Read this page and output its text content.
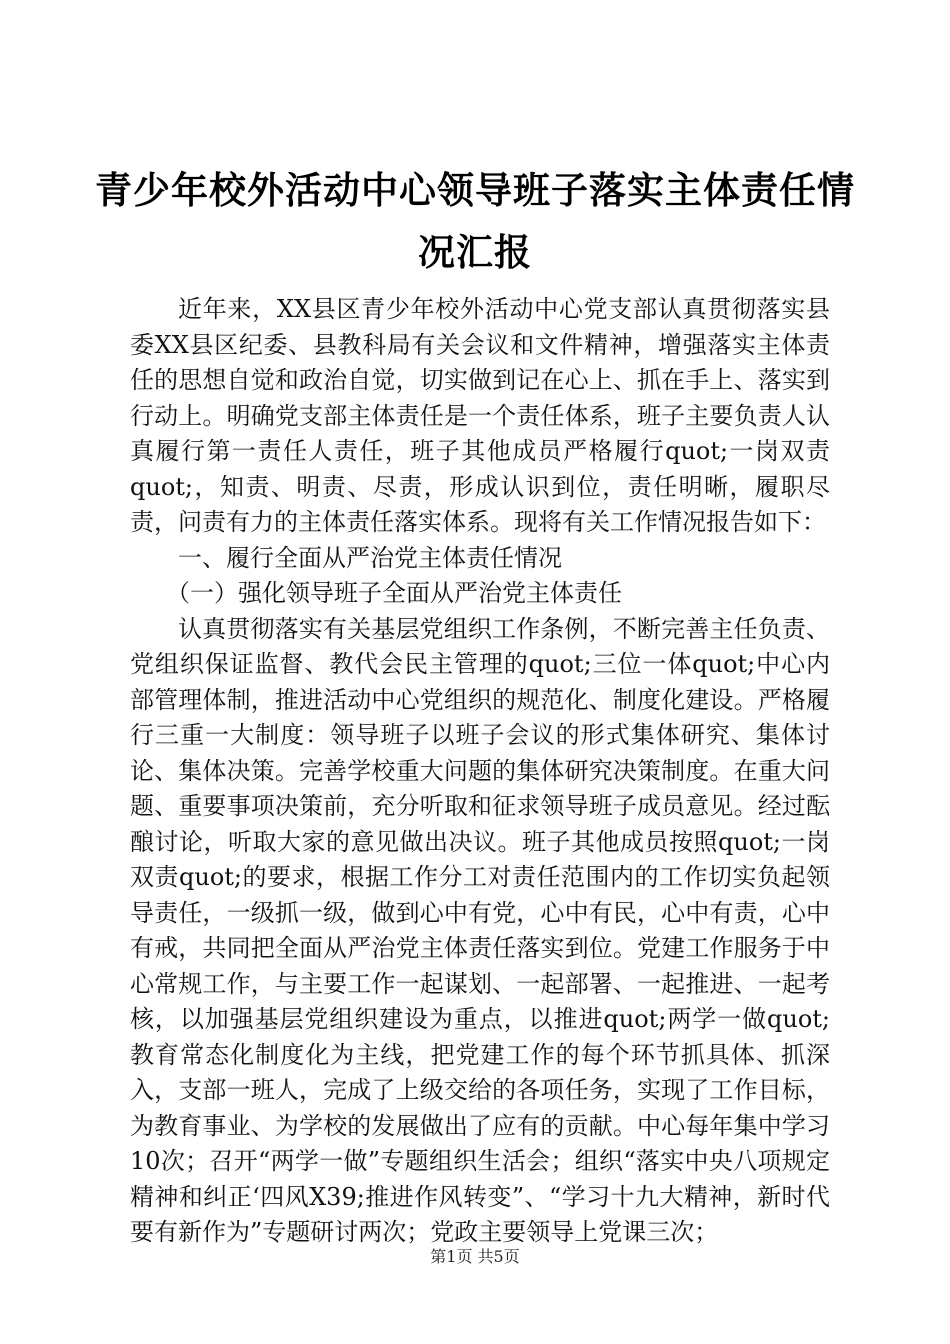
青少年校外活动中心领导班子落实主体责任情
况汇报

近年来，XX县区青少年校外活动中心党支部认真贯彻落实县委XX县区纪委、县教科局有关会议和文件精神，增强落实主体责任的思想自觉和政治自觉，切实做到记在心上、抓在手上、落实到行动上。明确党支部主体责任是一个责任体系，班子主要负责人认真履行第一责任人责任，班子其他成员严格履行quot;一岗双责quot;，知责、明责、尽责，形成认识到位，责任明晰，履职尽责，问责有力的主体责任落实体系。现将有关工作情况报告如下：

一、履行全面从严治党主体责任情况

（一）强化领导班子全面从严治党主体责任

认真贯彻落实有关基层党组织工作条例，不断完善主任负责、党组织保证监督、教代会民主管理的quot;三位一体quot;中心内部管理体制，推进活动中心党组织的规范化、制度化建设。严格履行三重一大制度：领导班子以班子会议的形式集体研究、集体讨论、集体决策。完善学校重大问题的集体研究决策制度。在重大问题、重要事项决策前，充分听取和征求领导班子成员意见。经过酝酿讨论，听取大家的意见做出决议。班子其他成员按照quot;一岗双责quot;的要求，根据工作分工对责任范围内的工作切实负起领导责任，一级抓一级，做到心中有党，心中有民，心中有责，心中有戒，共同把全面从严治党主体责任落实到位。党建工作服务于中心常规工作，与主要工作一起谋划、一起部署、一起推进、一起考核，以加强基层党组织建设为重点，以推进quot;两学一做quot;教育常态化制度化为主线，把党建工作的每个环节抓具体、抓深入，支部一班人，完成了上级交给的各项任务，实现了工作目标，为教育事业、为学校的发展做出了应有的贡献。中心每年集中学习10次；召开“两学一做”专题组织生活会；组织“落实中央八项规定精神和纠正‘四风X39;推进作风转变”、“学习十九大精神，新时代要有新作为”专题研讨两次；党政主要领导上党课三次；

第1页 共5页
